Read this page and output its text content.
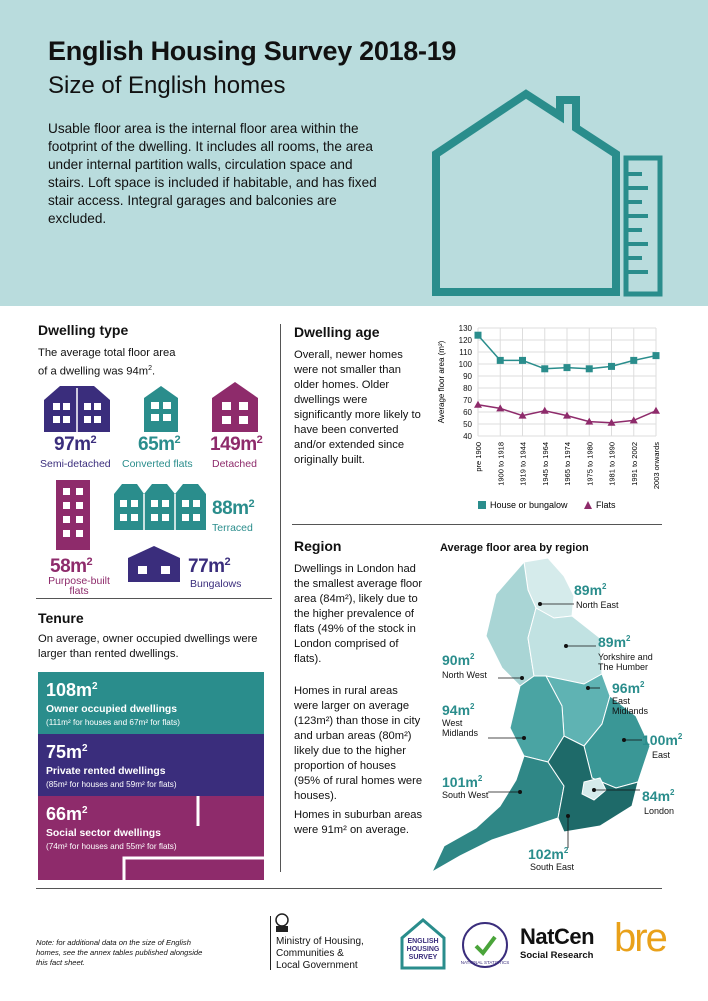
English Housing Survey 2018-19
Size of English homes
Usable floor area is the internal floor area within the footprint of the dwelling. It includes all rooms, the area under internal partition walls, circulation space and stairs. Loft space is included if habitable, and has fixed stair access. Integral garages and balconies are excluded.
Dwelling type
The average total floor area
of a dwelling was $94m^2$.
$97m^2$
Semi-detached
$65m^2$
Converted flats
$149m^2$
Detached
$58m^2$
Purpose-built flats
$88m^2$
Terraced
$77m^2$
Bungalows
Tenure
On average, owner occupied dwellings were larger than rented dwellings.
$108m^2$
Owner occupied dwellings
(111m² for houses and 67m² for flats)
$75m^2$
Private rented dwellings
(85m² for houses and 59m² for flats)
$66m^2$
Social sector dwellings
(74m² for houses and 55m² for flats)
Dwelling age
Overall, newer homes were not smaller than older homes. Older dwellings were significantly more likely to have been converted and/or extended since originally built.
130
120
110
100
90
80
70
60
50
40
Average floor area (m²)
pre 1900 1900 to 1918 1919 to 1944 1945 to 1964 1965 to 1974 1975 to 1980 1981 to 1990 1991 to 2002 2003 onwards
House or bungalow	Flats
Region
Dwellings in London had the smallest average floor area (84m²), likely due to the higher prevalence of flats (49% of the stock in London comprised of flats).
Homes in rural areas were larger on average (123m²) than those in city and urban areas (80m²) likely due to the higher proportion of houses (95% of rural homes were houses).
Homes in suburban areas were 91m² on average.
Average floor area by region
$89m^2$
North East
$89m^2$
Yorkshire and The Humber
$90m^2$
North West
$96m^2$
East Midlands
$94m^2$
West Midlands	$100m^2$
East
$101m^2$
South West	$84m^2$
London
$102m^2$
South East
Note: for additional data on the size of English homes, see the annex tables published alongside this fact sheet.
Ministry of Housing,
Communities &
Local Government
ENGLISH
HOUSING
SURVEY
NATIONAL STATISTICS
NatCen
Social Research bre
